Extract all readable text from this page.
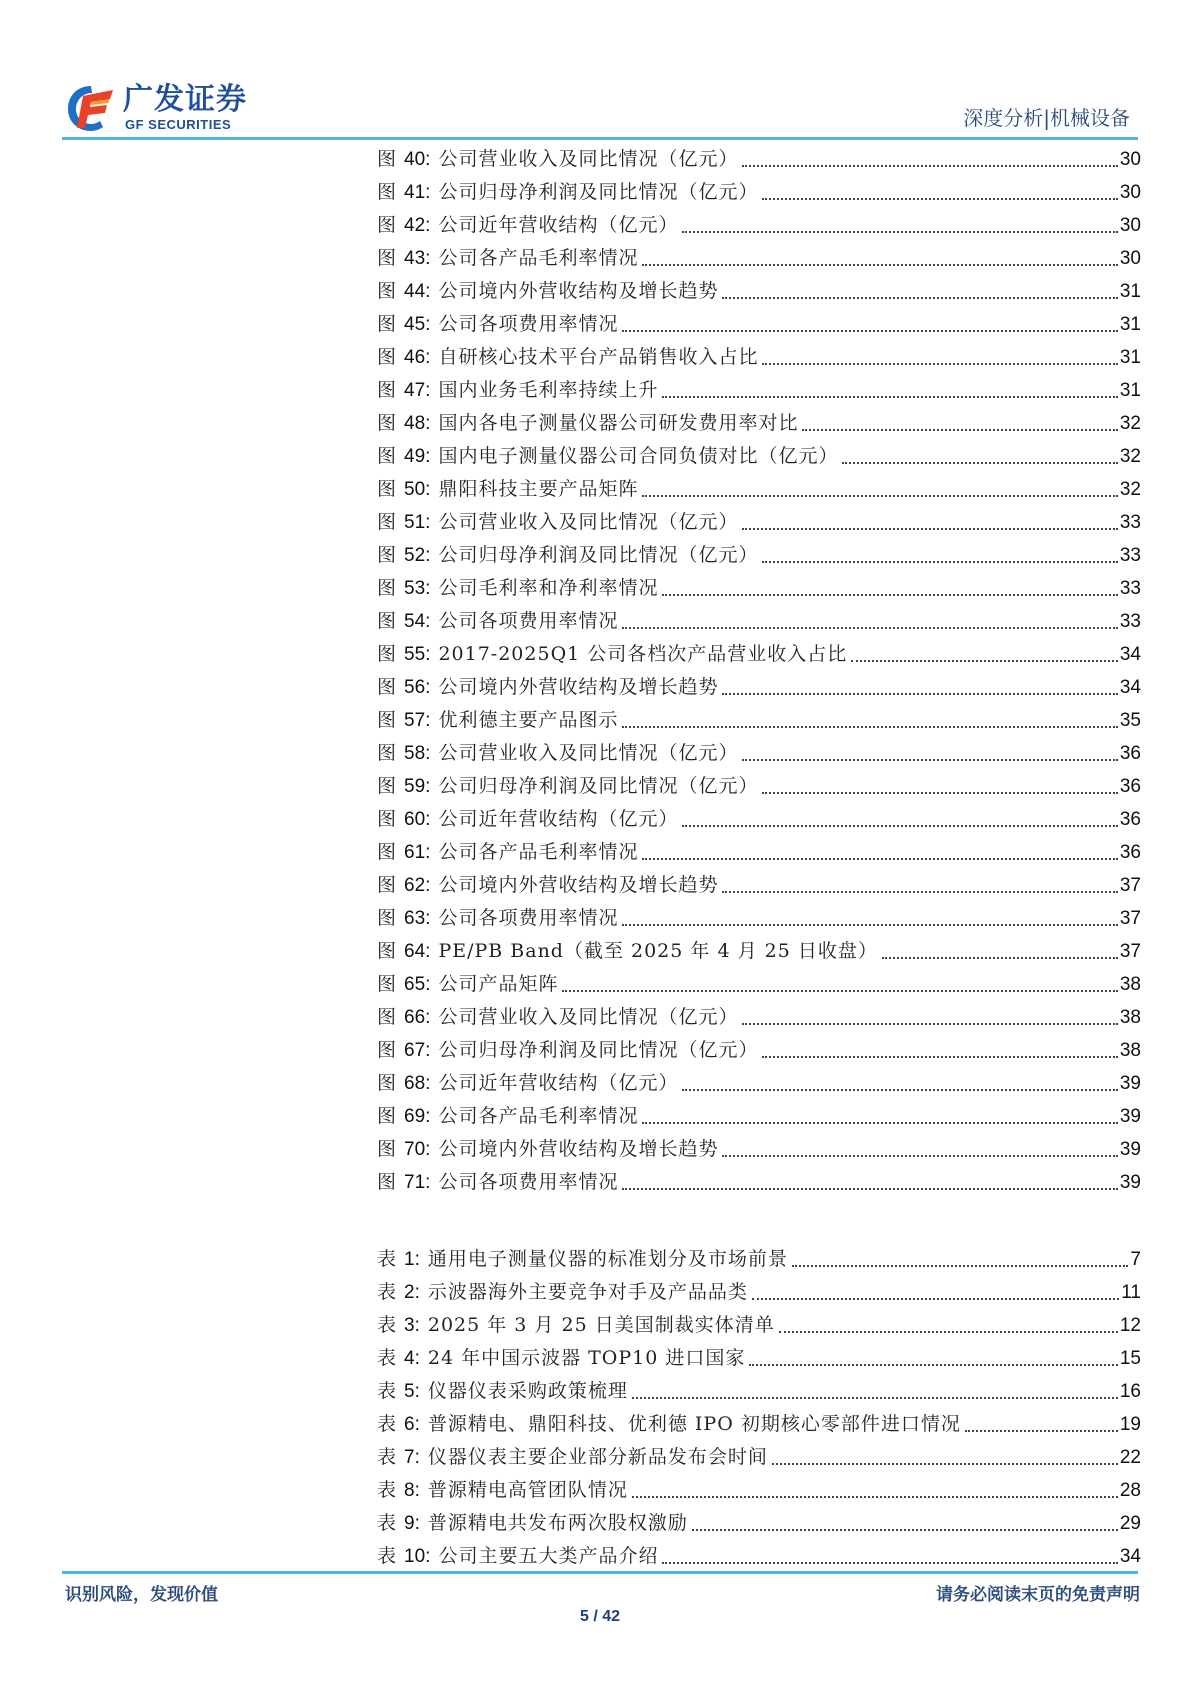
广发证券
GF SECURITIES	深度分析|机械设备
图 40: 公司营业收入及同比情况（亿元）	30
图 41: 公司归母净利润及同比情况（亿元）	30
图 42: 公司近年营收结构（亿元）	30
图 43: 公司各产品毛利率情况	30
图 44: 公司境内外营收结构及增长趋势	31
图 45: 公司各项费用率情况	31
图 46: 自研核心技术平台产品销售收入占比	31
图 47: 国内业务毛利率持续上升	31
图 48: 国内各电子测量仪器公司研发费用率对比	32
图 49: 国内电子测量仪器公司合同负债对比（亿元）	32
图 50: 鼎阳科技主要产品矩阵	32
图 51: 公司营业收入及同比情况（亿元）	33
图 52: 公司归母净利润及同比情况（亿元）	33
图 53: 公司毛利率和净利率情况	33
图 54: 公司各项费用率情况	33
图 55: 2017-2025Q1 公司各档次产品营业收入占比	34
图 56: 公司境内外营收结构及增长趋势	34
图 57: 优利德主要产品图示	35
图 58: 公司营业收入及同比情况（亿元）	36
图 59: 公司归母净利润及同比情况（亿元）	36
图 60: 公司近年营收结构（亿元）	36
图 61: 公司各产品毛利率情况	36
图 62: 公司境内外营收结构及增长趋势	37
图 63: 公司各项费用率情况	37
图 64: PE/PB Band（截至 2025 年 4 月 25 日收盘）	37
图 65: 公司产品矩阵	38
图 66: 公司营业收入及同比情况（亿元）	38
图 67: 公司归母净利润及同比情况（亿元）	38
图 68: 公司近年营收结构（亿元）	39
图 69: 公司各产品毛利率情况	39
图 70: 公司境内外营收结构及增长趋势	39
图 71: 公司各项费用率情况	39
表 1: 通用电子测量仪器的标准划分及市场前景	7
表 2: 示波器海外主要竞争对手及产品品类	11
表 3: 2025 年 3 月 25 日美国制裁实体清单	12
表 4: 24 年中国示波器 TOP10 进口国家	15
表 5: 仪器仪表采购政策梳理	16
表 6: 普源精电、鼎阳科技、优利德 IPO 初期核心零部件进口情况	19
表 7: 仪器仪表主要企业部分新品发布会时间	22
表 8: 普源精电高管团队情况	28
表 9: 普源精电共发布两次股权激励	29
表 10: 公司主要五大类产品介绍	34
识别风险，发现价值	请务必阅读末页的免责声明
5 / 42
